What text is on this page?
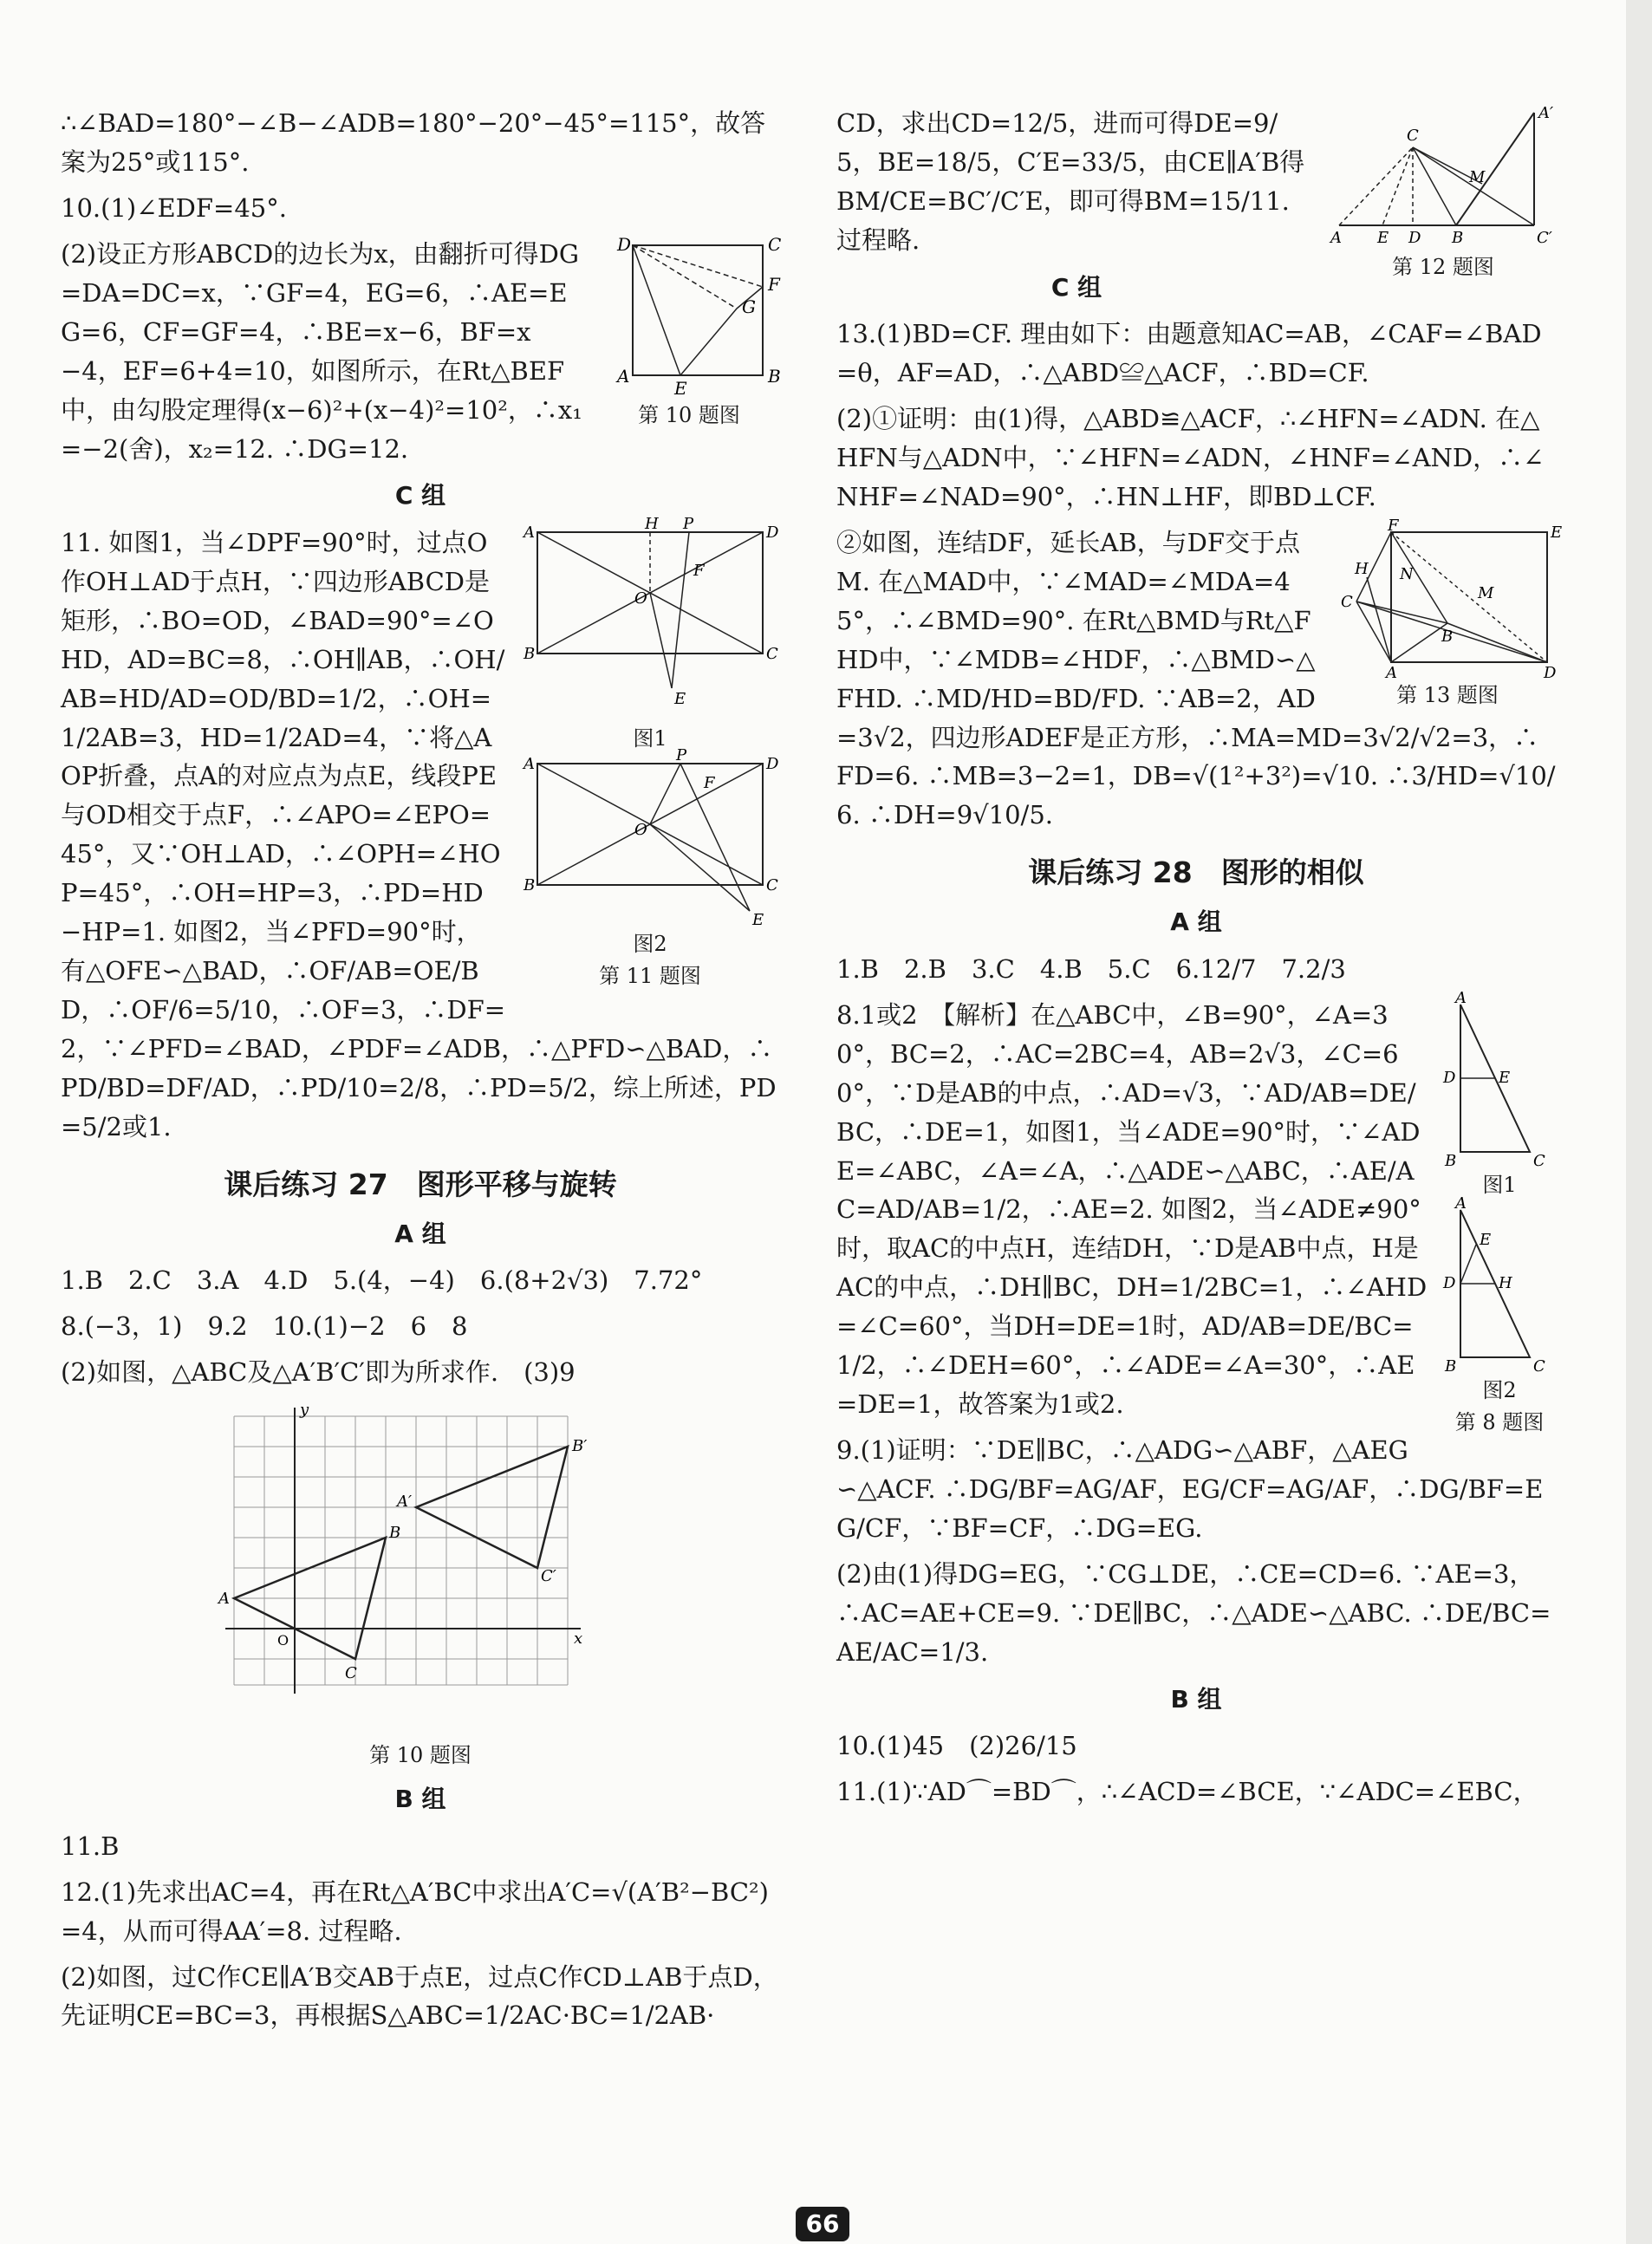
∴∠BAD=180°−∠B−∠ADB=180°−20°−45°=115°，故答案为25°或115°.

10.(1)∠EDF=45°.

D	C
F
G
A
E
B
第 10 题图

(2)设正方形ABCD的边长为x，由翻折可得DG=DA=DC=x，∵GF=4，EG=6，∴AE=EG=6，CF=GF=4，∴BE=x−6，BF=x−4，EF=6+4=10，如图所示，在Rt△BEF中，由勾股定理得(x−6)²+(x−4)²=10²，∴x₁=−2(舍)，x₂=12. ∴DG=12.

C 组
A	H P	D
F
O
B	C
E
图1
A	P	D
F
O
B	C
E
图2
第 11 题图

11. 如图1，当∠DPF=90°时，过点O作OH⊥AD于点H，∵四边形ABCD是矩形，∴BO=OD，∠BAD=90°=∠OHD，AD=BC=8，∴OH∥AB，∴OH/AB=HD/AD=OD/BD=1/2，∴OH=1/2AB=3，HD=1/2AD=4，∵将△AOP折叠，点A的对应点为点E，线段PE与OD相交于点F，∴∠APO=∠EPO=45°，又∵OH⊥AD，∴∠OPH=∠HOP=45°，∴OH=HP=3，∴PD=HD−HP=1. 如图2，当∠PFD=90°时，有△OFE∽△BAD，∴OF/AB=OE/BD，∴OF/6=5/10，∴OF=3，∴DF=2，∵∠PFD=∠BAD，∠PDF=∠ADB，∴△PFD∽△BAD，∴PD/BD=DF/AD，∴PD/10=2/8，∴PD=5/2，综上所述，PD=5/2或1.

课后练习 27　图形平移与旋转
A 组

1.B　2.C　3.A　4.D　5.(4，−4)　6.(8+2√3)　7.72°

8.(−3，1)　9.2　10.(1)−2　6　8

(2)如图，△ABC及△A′B′C′即为所求作.　(3)9

y
x
A
B
C
A′
B′
C′
O
第 10 题图
B 组

11.B

12.(1)先求出AC=4，再在Rt△A′BC中求出A′C=√(A′B²−BC²)=4，从而可得AA′=8. 过程略.

(2)如图，过C作CE∥A′B交AB于点E，过点C作CD⊥AB于点D，先证明CE=BC=3，再根据S△ABC=1/2AC·BC=1/2AB·

A′
C
M
A E D B	C′
第 12 题图

CD，求出CD=12/5，进而可得DE=9/5，BE=18/5，C′E=33/5，由CE∥A′B得BM/CE=BC′/C′E，即可得BM=15/11. 过程略.

C 组

13.(1)BD=CF. 理由如下：由题意知AC=AB，∠CAF=∠BAD=θ，AF=AD，∴△ABD≌△ACF，∴BD=CF.

(2)①证明：由(1)得，△ABD≌△ACF，∴∠HFN=∠ADN. 在△HFN与△ADN中，∵∠HFN=∠ADN，∠HNF=∠AND，∴∠NHF=∠NAD=90°，∴HN⊥HF，即BD⊥CF.

F	E
H N
M
C
B
A	D
第 13 题图

②如图，连结DF，延长AB，与DF交于点M. 在△MAD中，∵∠MAD=∠MDA=45°，∴∠BMD=90°. 在Rt△BMD与Rt△FHD中，∵∠MDB=∠HDF，∴△BMD∽△FHD. ∴MD/HD=BD/FD. ∵AB=2，AD=3√2，四边形ADEF是正方形，∴MA=MD=3√2/√2=3，∴FD=6. ∴MB=3−2=1，DB=√(1²+3²)=√10. ∴3/HD=√10/6. ∴DH=9√10/5.

课后练习 28　图形的相似
A 组

1.B　2.B　3.C　4.B　5.C　6.12/7　7.2/3

A
D	E
B	C
图1
A
E
D	H
B	C
图2
第 8 题图

8.1或2　【解析】在△ABC中，∠B=90°，∠A=30°，BC=2，∴AC=2BC=4，AB=2√3，∠C=60°，∵D是AB的中点，∴AD=√3，∵AD/AB=DE/BC，∴DE=1，如图1，当∠ADE=90°时，∵∠ADE=∠ABC，∠A=∠A，∴△ADE∽△ABC，∴AE/AC=AD/AB=1/2，∴AE=2. 如图2，当∠ADE≠90°时，取AC的中点H，连结DH，∵D是AB中点，H是AC的中点，∴DH∥BC，DH=1/2BC=1，∴∠AHD=∠C=60°，当DH=DE=1时，AD/AB=DE/BC=1/2，∴∠DEH=60°，∴∠ADE=∠A=30°，∴AE=DE=1，故答案为1或2.

9.(1)证明：∵DE∥BC，∴△ADG∽△ABF，△AEG∽△ACF. ∴DG/BF=AG/AF，EG/CF=AG/AF，∴DG/BF=EG/CF，∵BF=CF，∴DG=EG.

(2)由(1)得DG=EG，∵CG⊥DE，∴CE=CD=6. ∵AE=3，∴AC=AE+CE=9. ∵DE∥BC，∴△ADE∽△ABC. ∴DE/BC=AE/AC=1/3.

B 组

10.(1)45　(2)26/15

11.(1)∵AD⌒=BD⌒，∴∠ACD=∠BCE，∵∠ADC=∠EBC，

66
